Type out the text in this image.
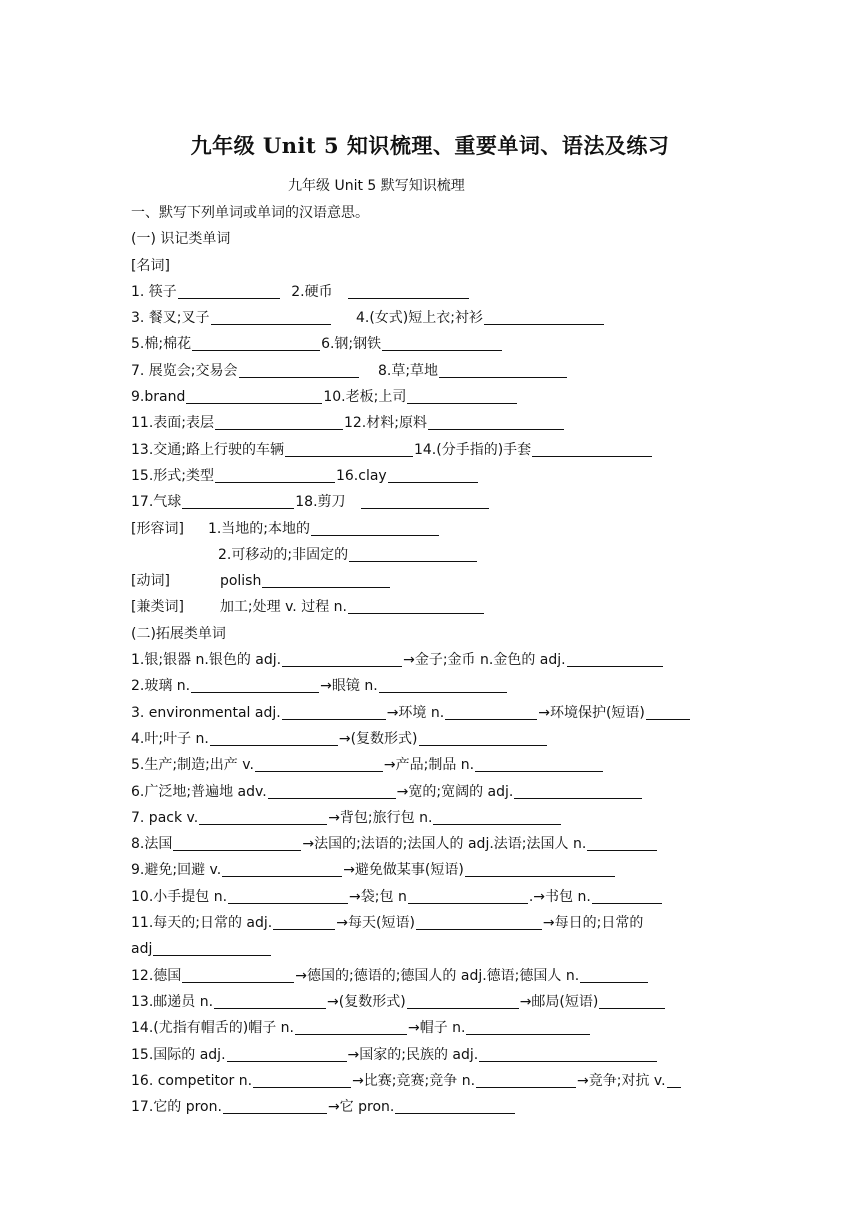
九年级 Unit 5 知识梳理、重要单词、语法及练习
九年级 Unit 5 默写知识梳理
一、默写下列单词或单词的汉语意思。
(一) 识记类单词
[名词]
1. 筷子	2.硬币
3. 餐叉;叉子	4.(女式)短上衣;衬衫
5.棉;棉花	6.钢;钢铁
7. 展览会;交易会	8.草;草地
9.brand	10.老板;上司
11.表面;表层	12.材料;原料
13.交通;路上行驶的车辆	14.(分手指的)手套
15.形式;类型	16.clay
17.气球	18.剪刀
[形容词] 1.当地的;本地的
2.可移动的;非固定的
[动词]	polish
[兼类词]	加工;处理 v. 过程 n.
(二)拓展类单词
1.银;银器 n.银色的 adj.	→金子;金币 n.金色的 adj.
2.玻璃 n.	→眼镜 n.
3. environmental adj.	→环境 n.	→环境保护(短语)
4.叶;叶子 n.	→(复数形式)
5.生产;制造;出产 v.	→产品;制品 n.
6.广泛地;普遍地 adv.	→宽的;宽阔的 adj.
7. pack v.	→背包;旅行包 n.
8.法国	→法国的;法语的;法国人的 adj.法语;法国人 n.
9.避免;回避 v.	→避免做某事(短语)
10.小手提包 n.	→袋;包 n	.→书包 n.
11.每天的;日常的 adj.	→每天(短语)	→每日的;日常的
adj
12.德国	→德国的;德语的;德国人的 adj.德语;德国人 n.
13.邮递员 n.	→(复数形式)	→邮局(短语)
14.(尤指有帽舌的)帽子 n.	→帽子 n.
15.国际的 adj.	→国家的;民族的 adj.
16. competitor n.	→比赛;竞赛;竞争 n.	→竞争;对抗 v.
17.它的 pron.	→它 pron.
